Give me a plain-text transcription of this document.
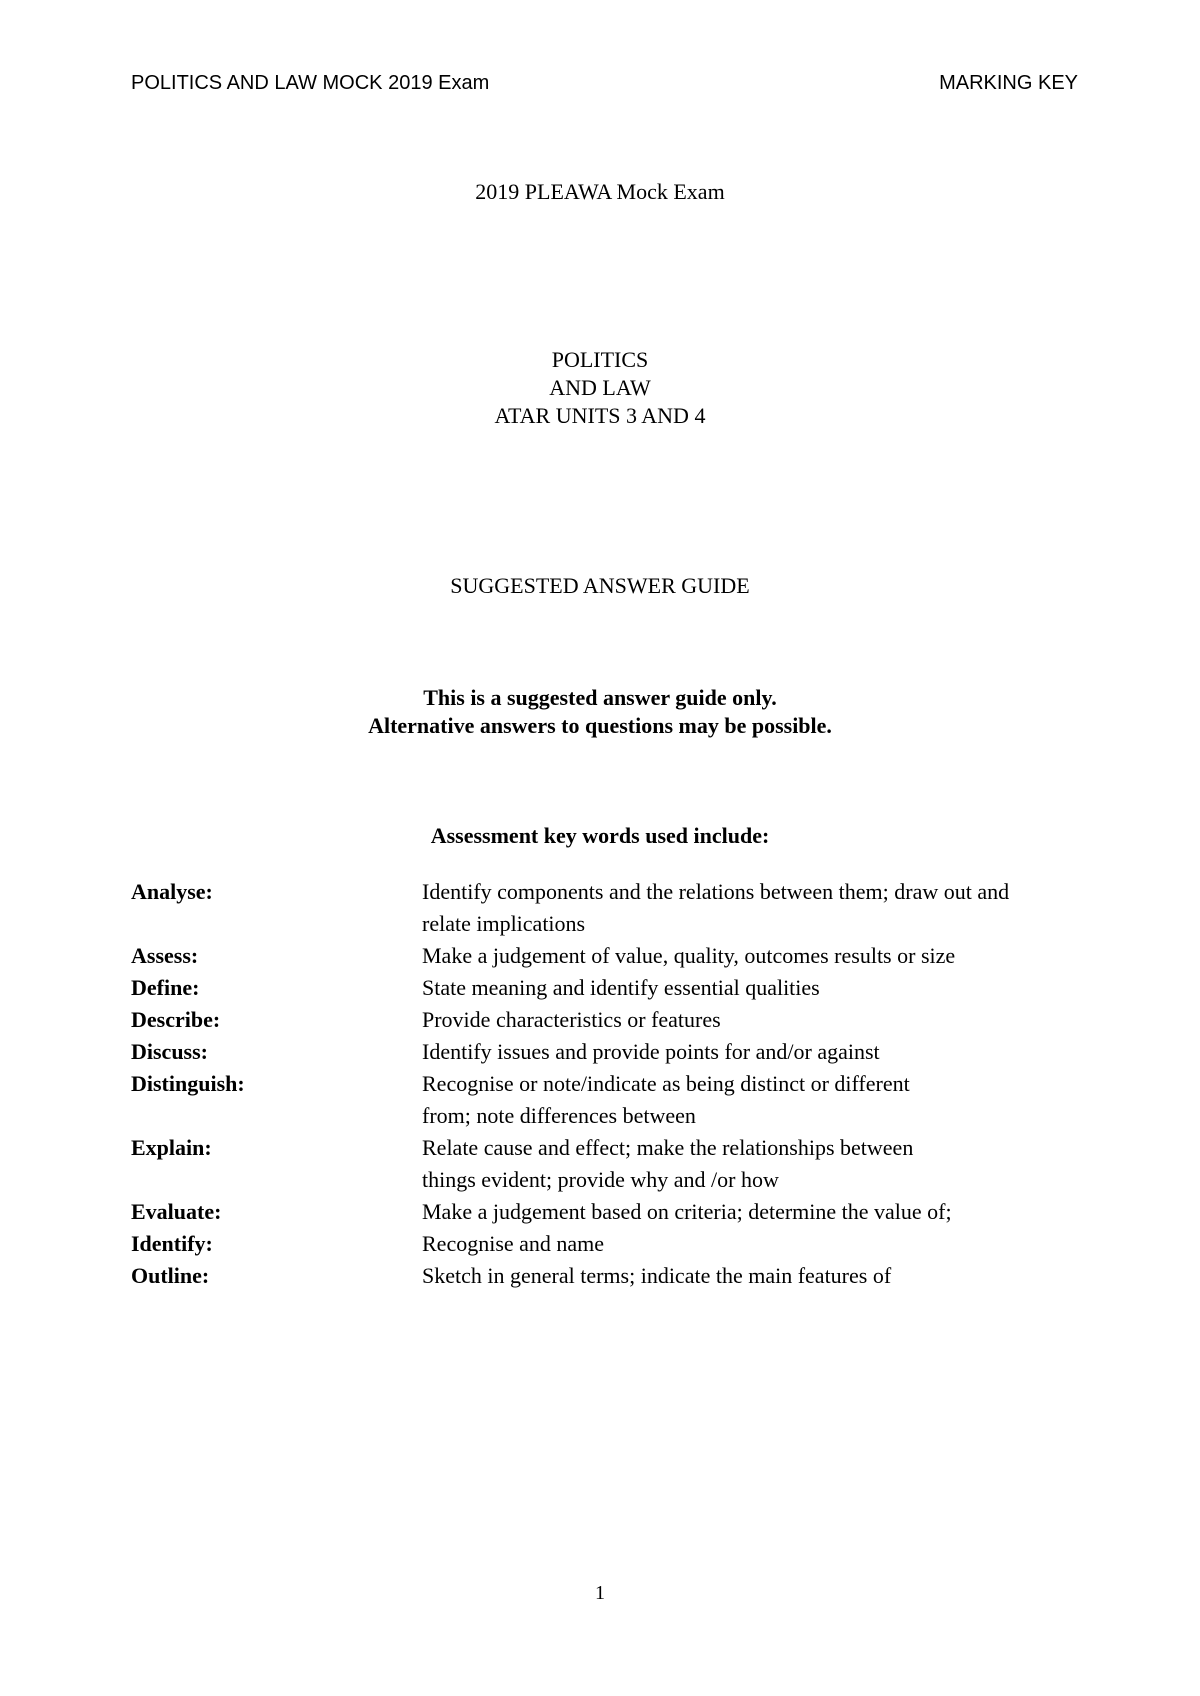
POLITICS AND LAW MOCK 2019 Exam	MARKING KEY
2019 PLEAWA Mock Exam
POLITICS
AND LAW
ATAR UNITS 3 AND 4
SUGGESTED ANSWER GUIDE
This is a suggested answer guide only.
Alternative answers to questions may be possible.
Assessment key words used include:
Analyse:	Identify components and the relations between them; draw out and
relate implications
Assess:	Make a judgement of value, quality, outcomes results or size
Define:	State meaning and identify essential qualities
Describe:	Provide characteristics or features
Discuss:	Identify issues and provide points for and/or against
Distinguish:	Recognise or note/indicate as being distinct or different
from; note differences between
Explain:	Relate cause and effect; make the relationships between
things evident; provide why and /or how
Evaluate:	Make a judgement based on criteria; determine the value of;
Identify:	Recognise and name
Outline:	Sketch in general terms; indicate the main features of
1
